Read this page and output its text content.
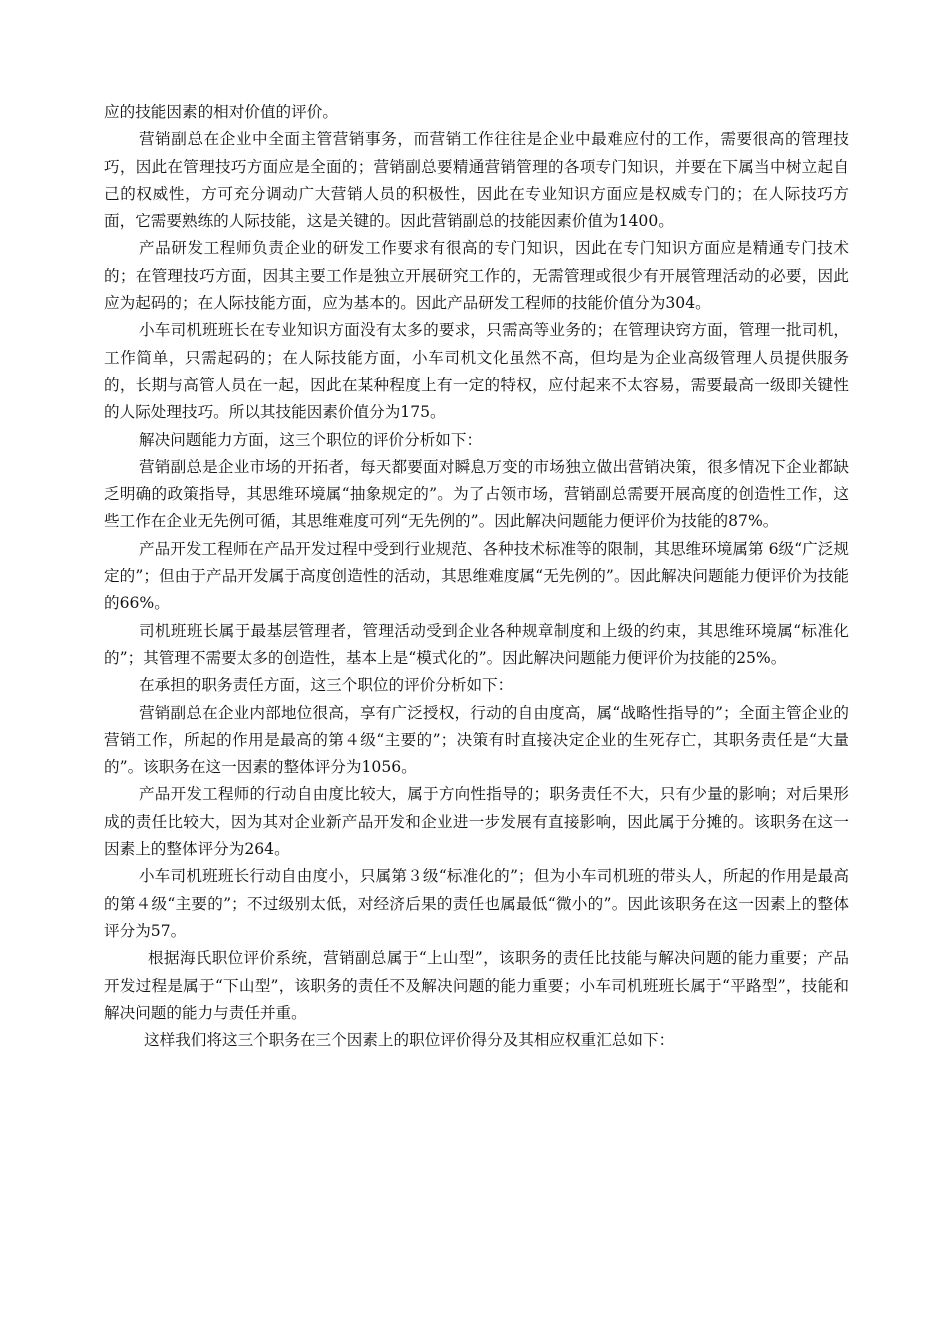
应的技能因素的相对价值的评价。

营销副总在企业中全面主管营销事务，而营销工作往往是企业中最难应付的工作，需要很高的管理技巧，因此在管理技巧方面应是全面的；营销副总要精通营销管理的各项专门知识，并要在下属当中树立起自己的权威性，方可充分调动广大营销人员的积极性，因此在专业知识方面应是权威专门的；在人际技巧方面，它需要熟练的人际技能，这是关键的。因此营销副总的技能因素价值为1400。

产品研发工程师负责企业的研发工作要求有很高的专门知识，因此在专门知识方面应是精通专门技术的；在管理技巧方面，因其主要工作是独立开展研究工作的，无需管理或很少有开展管理活动的必要，因此应为起码的；在人际技能方面，应为基本的。因此产品研发工程师的技能价值分为304。

小车司机班班长在专业知识方面没有太多的要求，只需高等业务的；在管理诀窍方面，管理一批司机，工作简单，只需起码的；在人际技能方面，小车司机文化虽然不高，但均是为企业高级管理人员提供服务的，长期与高管人员在一起，因此在某种程度上有一定的特权，应付起来不太容易，需要最高一级即关键性的人际处理技巧。所以其技能因素价值分为175。

解决问题能力方面，这三个职位的评价分析如下：

营销副总是企业市场的开拓者，每天都要面对瞬息万变的市场独立做出营销决策，很多情况下企业都缺乏明确的政策指导，其思维环境属“抽象规定的”。为了占领市场，营销副总需要开展高度的创造性工作，这些工作在企业无先例可循，其思维难度可列“无先例的”。因此解决问题能力便评价为技能的87%。

产品开发工程师在产品开发过程中受到行业规范、各种技术标准等的限制，其思维环境属第 6级“广泛规定的”；但由于产品开发属于高度创造性的活动，其思维难度属“无先例的”。因此解决问题能力便评价为技能的66%。

司机班班长属于最基层管理者，管理活动受到企业各种规章制度和上级的约束，其思维环境属“标准化的”；其管理不需要太多的创造性，基本上是“模式化的”。因此解决问题能力便评价为技能的25%。

在承担的职务责任方面，这三个职位的评价分析如下：

营销副总在企业内部地位很高，享有广泛授权，行动的自由度高，属“战略性指导的”；全面主管企业的营销工作，所起的作用是最高的第４级“主要的”；决策有时直接决定企业的生死存亡，其职务责任是“大量的”。该职务在这一因素的整体评分为1056。

产品开发工程师的行动自由度比较大，属于方向性指导的；职务责任不大，只有少量的影响；对后果形成的责任比较大，因为其对企业新产品开发和企业进一步发展有直接影响，因此属于分摊的。该职务在这一因素上的整体评分为264。

小车司机班班长行动自由度小，只属第３级“标准化的”；但为小车司机班的带头人，所起的作用是最高的第４级“主要的”；不过级别太低，对经济后果的责任也属最低“微小的”。因此该职务在这一因素上的整体评分为57。

根据海氏职位评价系统，营销副总属于“上山型”，该职务的责任比技能与解决问题的能力重要；产品开发过程是属于“下山型”，该职务的责任不及解决问题的能力重要；小车司机班班长属于“平路型”，技能和解决问题的能力与责任并重。

这样我们将这三个职务在三个因素上的职位评价得分及其相应权重汇总如下：
